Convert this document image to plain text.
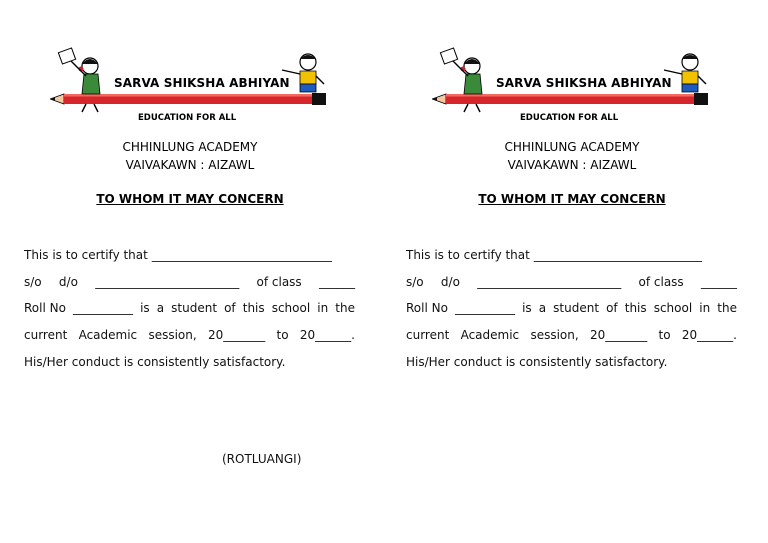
SARVA SHIKSHA ABHIYAN
EDUCATION FOR ALL
CHHINLUNG ACADEMY
VAIVAKAWN : AIZAWL
TO WHOM IT MAY CONCERN
This is to certify that ______________________________
s/o d/o ________________________ of class ______
Roll No __________ is a student of this school in the
current Academic session, 20_______ to 20______.
His/Her conduct is consistently satisfactory.
(ROTLUANGI)
SARVA SHIKSHA ABHIYAN
EDUCATION FOR ALL
CHHINLUNG ACADEMY
VAIVAKAWN : AIZAWL
TO WHOM IT MAY CONCERN
This is to certify that ____________________________
s/o d/o ________________________ of class ______
Roll No __________ is a student of this school in the
current Academic session, 20_______ to 20______.
His/Her conduct is consistently satisfactory.
